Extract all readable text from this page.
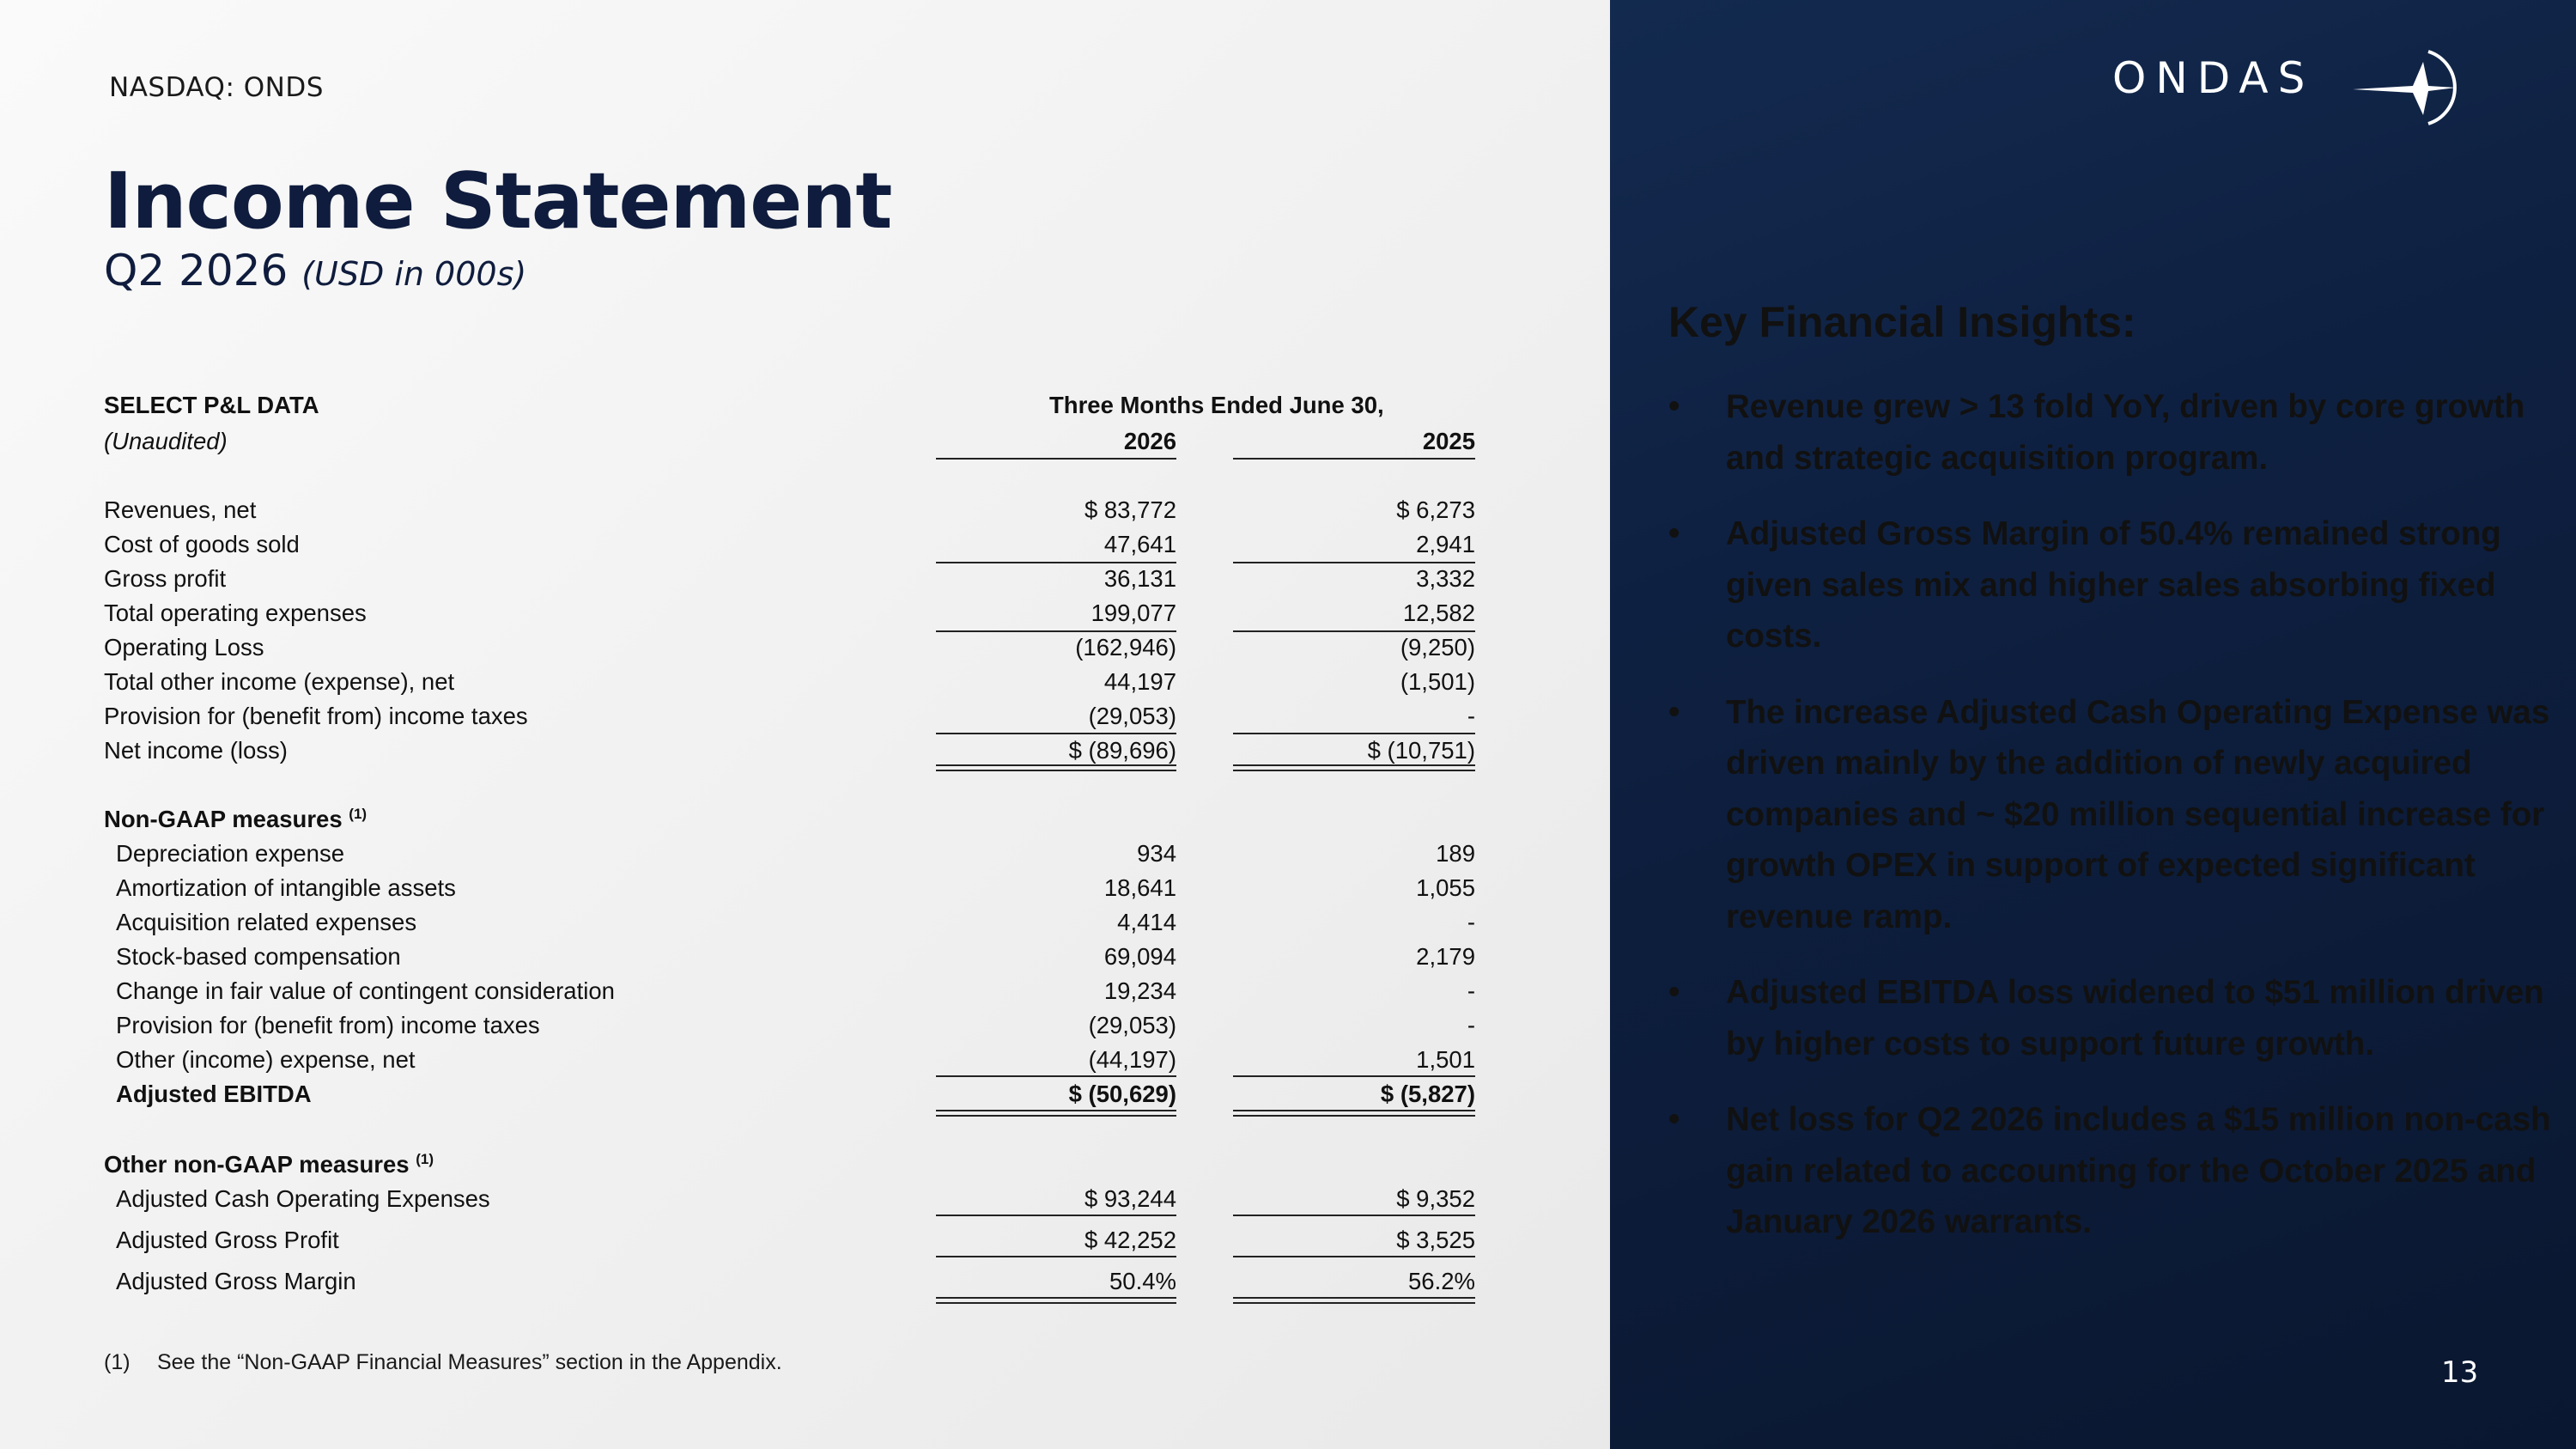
NASDAQ: ONDS
Income Statement
Q2 2026 (USD in 000s)
SELECT P&L DATA	Three Months Ended June 30,
(Unaudited)	2026	2025
Revenues, net	$ 83,772	$ 6,273
Cost of goods sold	47,641	2,941
Gross profit	36,131	3,332
Total operating expenses	199,077	12,582
Operating Loss	(162,946)	(9,250)
Total other income (expense), net	44,197	(1,501)
Provision for (benefit from) income taxes	(29,053)	-
Net income (loss)	$ (89,696)	$ (10,751)
Non-GAAP measures $^{(1)}$
Depreciation expense	934	189
Amortization of intangible assets	18,641	1,055
Acquisition related expenses	4,414	-
Stock-based compensation	69,094	2,179
Change in fair value of contingent consideration	19,234	-
Provision for (benefit from) income taxes	(29,053)	-
Other (income) expense, net	(44,197)	1,501
Adjusted EBITDA	$ (50,629)	$ (5,827)
Other non-GAAP measures $^{(1)}$
Adjusted Cash Operating Expenses	$ 93,244	$ 9,352
Adjusted Gross Profit	$ 42,252	$ 3,525
Adjusted Gross Margin	50.4%	56.2%
(1) See the “Non-GAAP Financial Measures” section in the Appendix.
ONDAS
Key Financial Insights:
• Revenue grew > 13 fold YoY, driven by core growth and strategic acquisition program.
• Adjusted Gross Margin of 50.4% remained strong given sales mix and higher sales absorbing fixed costs.
• The increase Adjusted Cash Operating Expense was driven mainly by the addition of newly acquired companies and ~ $20 million sequential increase for growth OPEX in support of expected significant revenue ramp.
• Adjusted EBITDA loss widened to $51 million driven by higher costs to support future growth.
• Net loss for Q2 2026 includes a $15 million non-cash gain related to accounting for the October 2025 and January 2026 warrants.
13
